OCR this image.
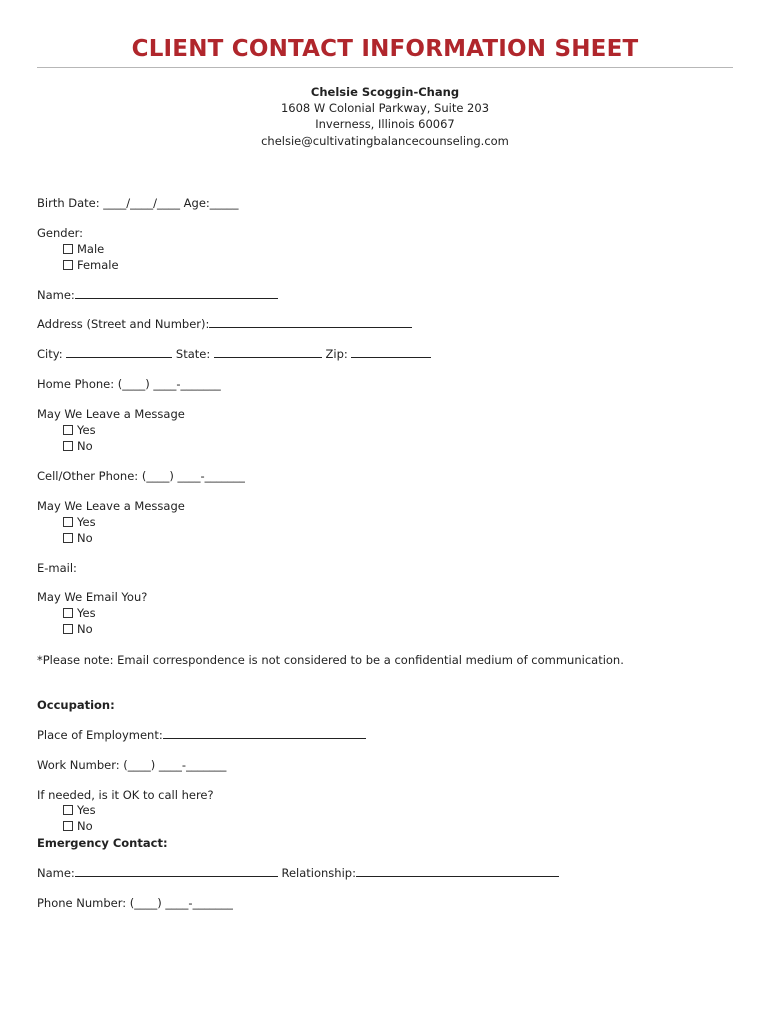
CLIENT CONTACT INFORMATION SHEET
Chelsie Scoggin-Chang
1608 W Colonial Parkway, Suite 203
Inverness, Illinois 60067
chelsie@cultivatingbalancecounseling.com
Birth Date: ____/____/____ Age:_____
Gender:
Male
Female
Name:
Address (Street and Number):
City:	State:	Zip:
Home Phone: (____) ____-_______
May We Leave a Message
Yes
No
Cell/Other Phone: (____) ____-_______
May We Leave a Message
Yes
No
E-mail:
May We Email You?
Yes
No
*Please note: Email correspondence is not considered to be a confidential medium of communication.
Occupation:
Place of Employment:
Work Number: (____) ____-_______
If needed, is it OK to call here?
Yes
No
Emergency Contact:
Name:	Relationship:
Phone Number: (____) ____-_______
